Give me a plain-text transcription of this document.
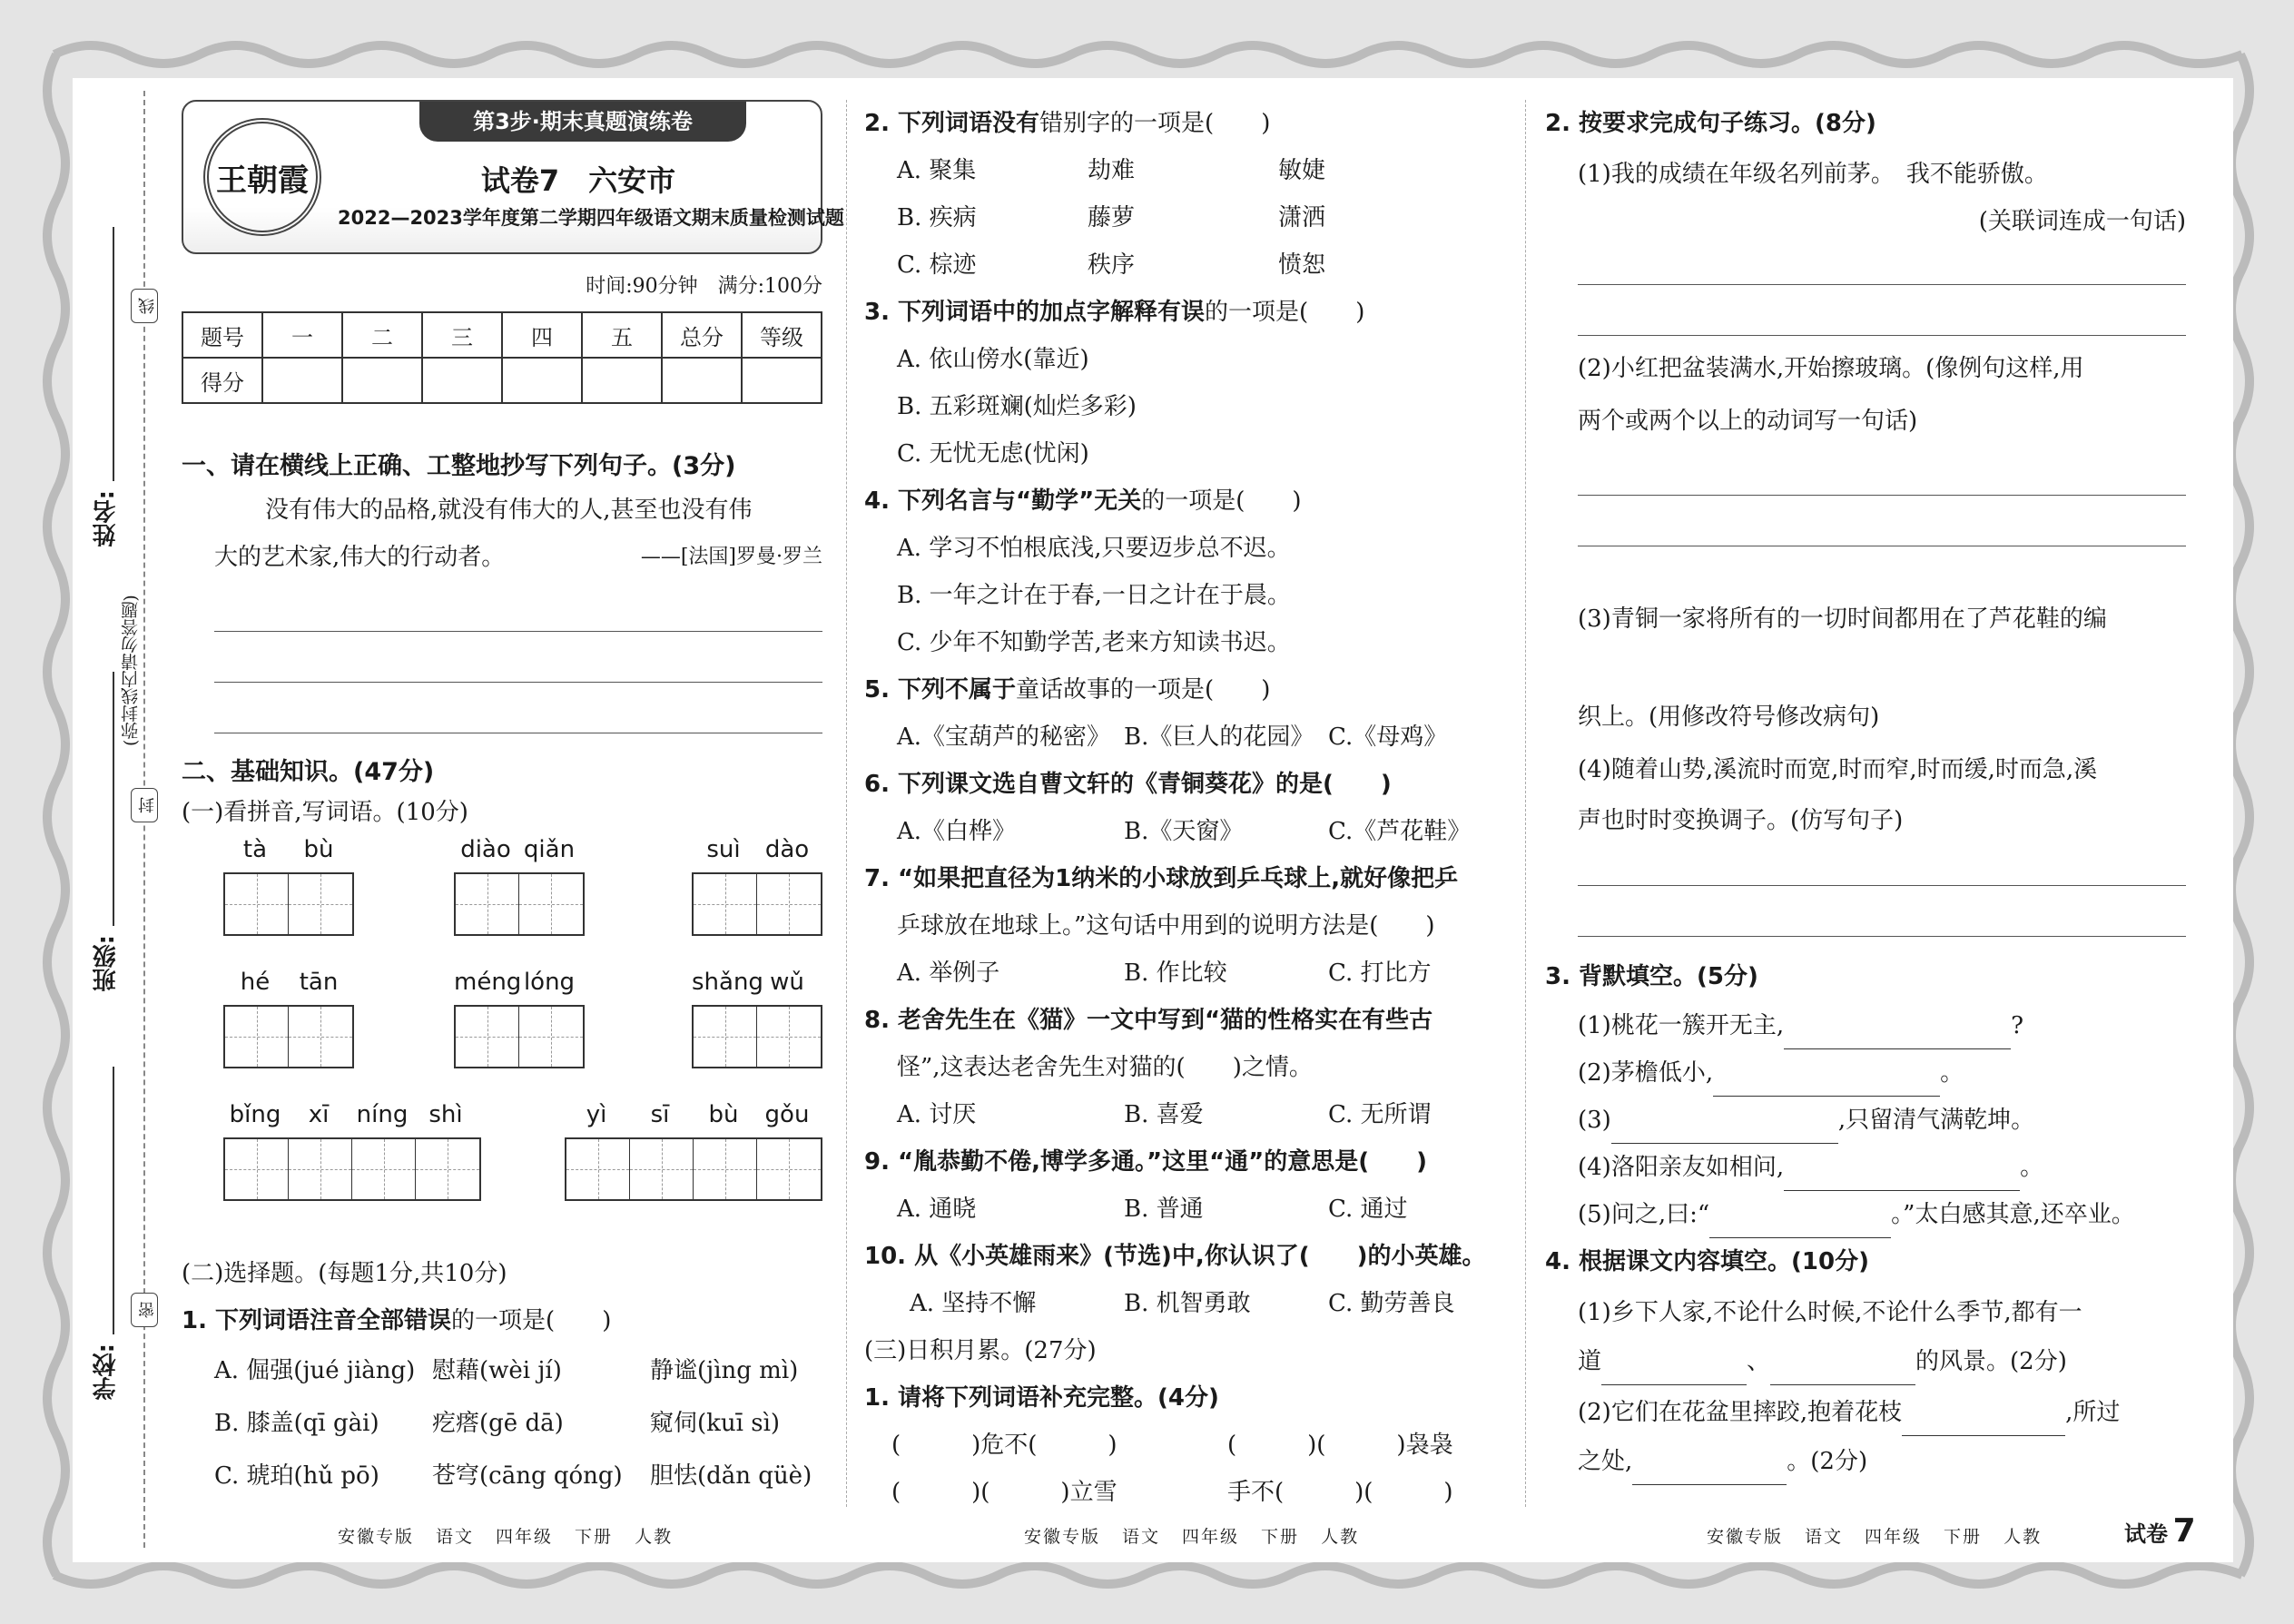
线
封
密
(弥封线内请勿答题)
姓名:
班级:
学校:
王朝霞
第3步·期末真题演练卷
试卷7　六安市
2022—2023学年度第二学期四年级语文期末质量检测试题
时间:90分钟　满分:100分
题号	一	二	三	四	五	总分	等级
得分							
一、请在横线上正确、工整地抄写下列句子。(3分)
没有伟大的品格,就没有伟大的人,甚至也没有伟
大的艺术家,伟大的行动者。	——[法国]罗曼·罗兰
二、基础知识。(47分)
(一)看拼音,写词语。(10分)
tà	bù	diào qiǎn	suì	dào
hé	tān	méng lóng	shǎng wǔ
bǐng	xī	níng shì	yì	sī	bù	gǒu
(二)选择题。(每题1分,共10分)
1. 下列词语注音全部错误的一项是(　　)
A. 倔强(jué jiàng) 慰藉(wèi jí)	静谧(jìng mì)
B. 膝盖(qī gài)	疙瘩(gē dā)	窥伺(kuī sì)
C. 琥珀(hǔ pō)	苍穹(cāng qóng)	胆怯(dǎn qüè)
2. 下列词语没有错别字的一项是(　　)
A. 聚集	劫难	敏婕
B. 疾病	藤萝	潇洒
C. 棕迹	秩序	愤恕
3. 下列词语中的加点字解释有误的一项是(　　)
A. 依山傍水(靠近)
B. 五彩斑斓(灿烂多彩)
C. 无忧无虑(忧闲)
4. 下列名言与“勤学”无关的一项是(　　)
A. 学习不怕根底浅,只要迈步总不迟。
B. 一年之计在于春,一日之计在于晨。
C. 少年不知勤学苦,老来方知读书迟。
5. 下列不属于童话故事的一项是(　　)
A.《宝葫芦的秘密》 B.《巨人的花园》 C.《母鸡》
6. 下列课文选自曹文轩的《青铜葵花》的是(　　)
A.《白桦》	B.《天窗》	C.《芦花鞋》
7. “如果把直径为1纳米的小球放到乒乓球上,就好像把乒
乒球放在地球上。”这句话中用到的说明方法是(　　)
A. 举例子	B. 作比较	C. 打比方
8. 老舍先生在《猫》一文中写到“猫的性格实在有些古
怪”,这表达老舍先生对猫的(　　)之情。
A. 讨厌	B. 喜爱	C. 无所谓
9. “胤恭勤不倦,博学多通。”这里“通”的意思是(　　)
A. 通晓	B. 普通	C. 通过
10. 从《小英雄雨来》(节选)中,你认识了(　　)的小英雄。
A. 坚持不懈	B. 机智勇敢	C. 勤劳善良
(三)日积月累。(27分)
1. 请将下列词语补充完整。(4分)
(　　　)危不(　　　)	(　　　)(　　　)袅袅
(　　　)(　　　)立雪	手不(　　　)(　　　)
2. 按要求完成句子练习。(8分)
(1)我的成绩在年级名列前茅。　我不能骄傲。
(关联词连成一句话)
(2)小红把盆装满水,开始擦玻璃。(像例句这样,用
两个或两个以上的动词写一句话)
(3)青铜一家将所有的一切时间都用在了芦花鞋的编
织上。(用修改符号修改病句)
(4)随着山势,溪流时而宽,时而窄,时而缓,时而急,溪
声也时时变换调子。(仿写句子)
3. 背默填空。(5分)
(1)桃花一簇开无主,	?
(2)茅檐低小,	。
(3)	,只留清气满乾坤。
(4)洛阳亲友如相问,	。
(5)问之,曰:“	。”太白感其意,还卒业。
4. 根据课文内容填空。(10分)
(1)乡下人家,不论什么时候,不论什么季节,都有一
道	、	的风景。(2分)
(2)它们在花盆里摔跤,抱着花枝	,所过
之处,	。(2分)
安徽专版 语文 四年级 下册 人教	安徽专版 语文 四年级 下册 人教	安徽专版 语文 四年级 下册 人教	试卷 7
